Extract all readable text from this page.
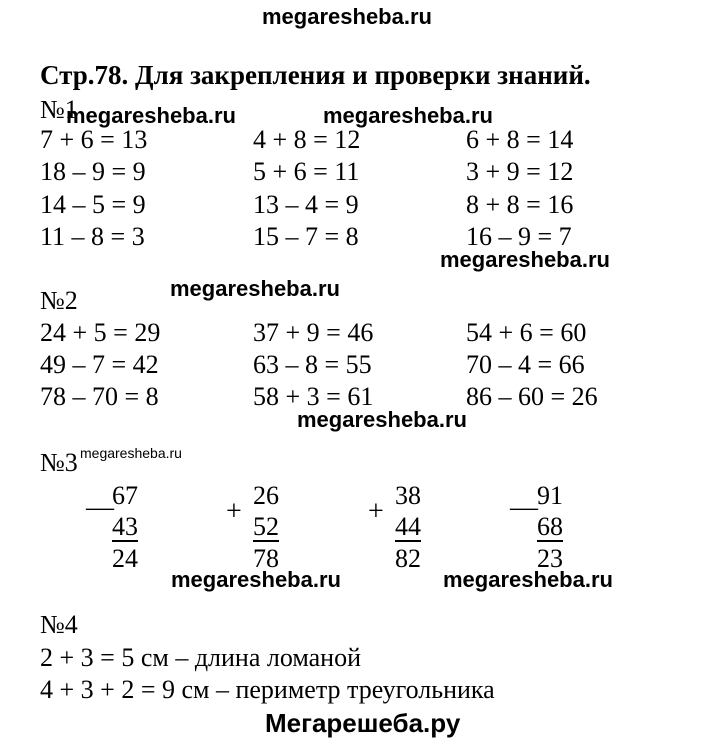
megaresheba.ru
megaresheba.ru	megaresheba.ru
megaresheba.ru
megaresheba.ru
megaresheba.ru
megaresheba.ru
megaresheba.ru	megaresheba.ru
Стр.78. Для закрепления и проверки знаний.
№1
7 + 6 = 13	4 + 8 = 12	6 + 8 = 14
18 – 9 = 9	5 + 6 = 11	3 + 9 = 12
14 – 5 = 9	13 – 4 = 9	8 + 8 = 16
11 – 8 = 3	15 – 7 = 8	16 – 9 = 7
№2
24 + 5 = 29	37 + 9 = 46	54 + 6 = 60
49 – 7 = 42	63 – 8 = 55	70 – 4 = 66
78 – 70 = 8	58 + 3 = 61	86 – 60 = 26
№3
—
67
43
24
+
26
52
78
+
38
44
82
— 91
68
23
№4
2 + 3 = 5 см – длина ломаной
4 + 3 + 2 = 9 см – периметр треугольника
Мегарешеба.ру
